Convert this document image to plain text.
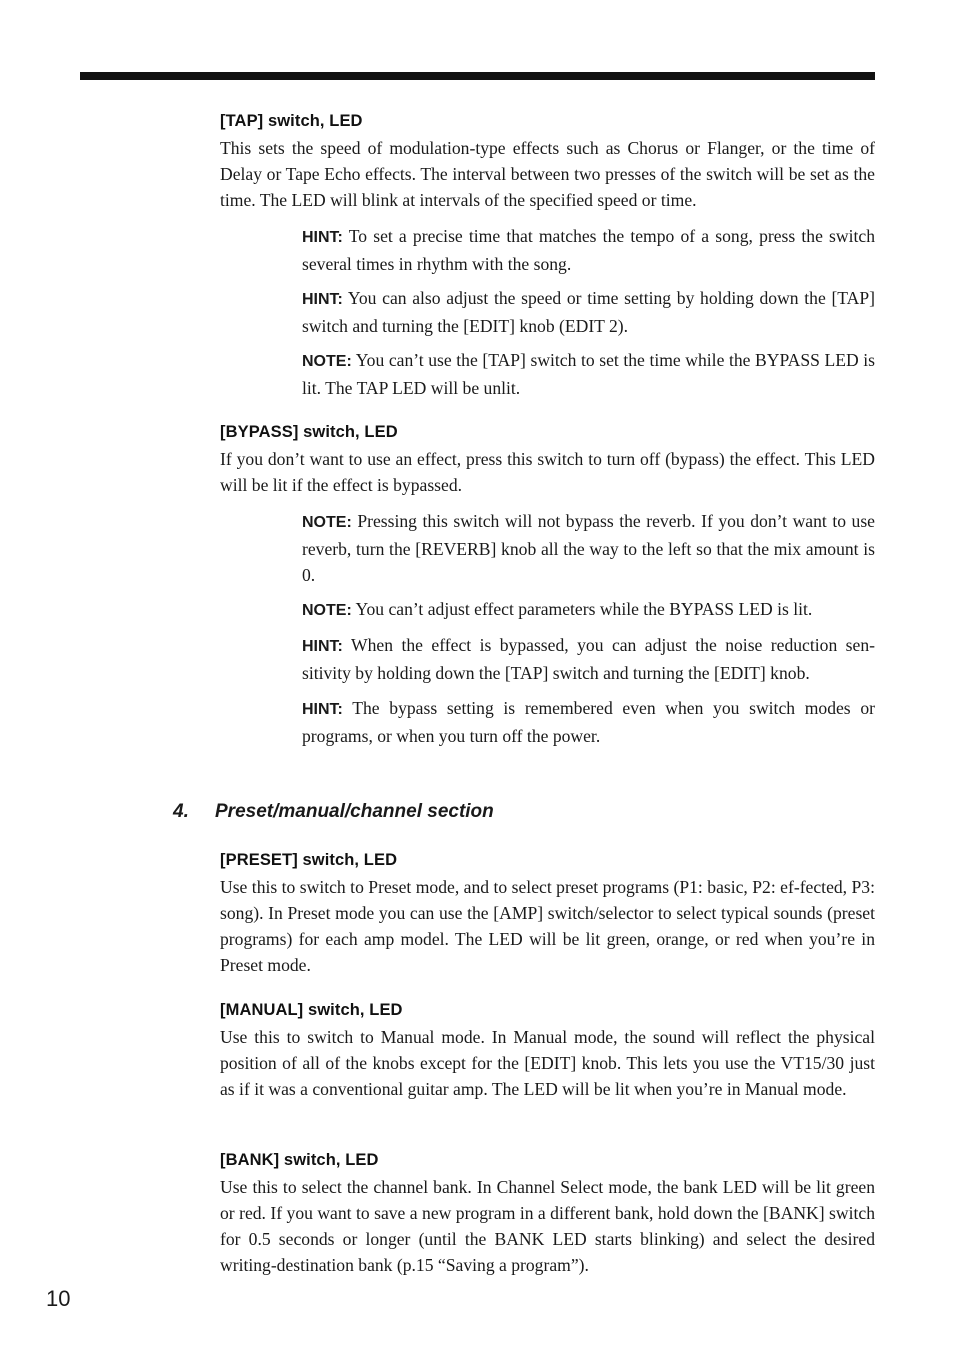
[TAP] switch, LED
This sets the speed of modulation-type effects such as Chorus or Flanger, or the time of Delay or Tape Echo effects. The interval between two presses of the switch will be set as the time. The LED will blink at intervals of the specified speed or time.
HINT: To set a precise time that matches the tempo of a song, press the switch several times in rhythm with the song.
HINT: You can also adjust the speed or time setting by holding down the [TAP] switch and turning the [EDIT] knob (EDIT 2).
NOTE: You can’t use the [TAP] switch to set the time while the BYPASS LED is lit. The TAP LED will be unlit.
[BYPASS] switch, LED
If you don’t want to use an effect, press this switch to turn off (bypass) the effect. This LED will be lit if the effect is bypassed.
NOTE: Pressing this switch will not bypass the reverb. If you don’t want to use reverb, turn the [REVERB] knob all the way to the left so that the mix amount is 0.
NOTE: You can’t adjust effect parameters while the BYPASS LED is lit.
HINT: When the effect is bypassed, you can adjust the noise reduction sen-sitivity by holding down the [TAP] switch and turning the [EDIT] knob.
HINT: The bypass setting is remembered even when you switch modes or programs, or when you turn off the power.
4. Preset/manual/channel section
[PRESET] switch, LED
Use this to switch to Preset mode, and to select preset programs (P1: basic, P2: ef-fected, P3: song). In Preset mode you can use the [AMP] switch/selector to select typical sounds (preset programs) for each amp model. The LED will be lit green, orange, or red when you’re in Preset mode.
[MANUAL] switch, LED
Use this to switch to Manual mode. In Manual mode, the sound will reflect the physical position of all of the knobs except for the [EDIT] knob. This lets you use the VT15/30 just as if it was a conventional guitar amp. The LED will be lit when you’re in Manual mode.
[BANK] switch, LED
Use this to select the channel bank. In Channel Select mode, the bank LED will be lit green or red. If you want to save a new program in a different bank, hold down the [BANK] switch for 0.5 seconds or longer (until the BANK LED starts blinking) and select the desired writing-destination bank (p.15 “Saving a program”).
10
